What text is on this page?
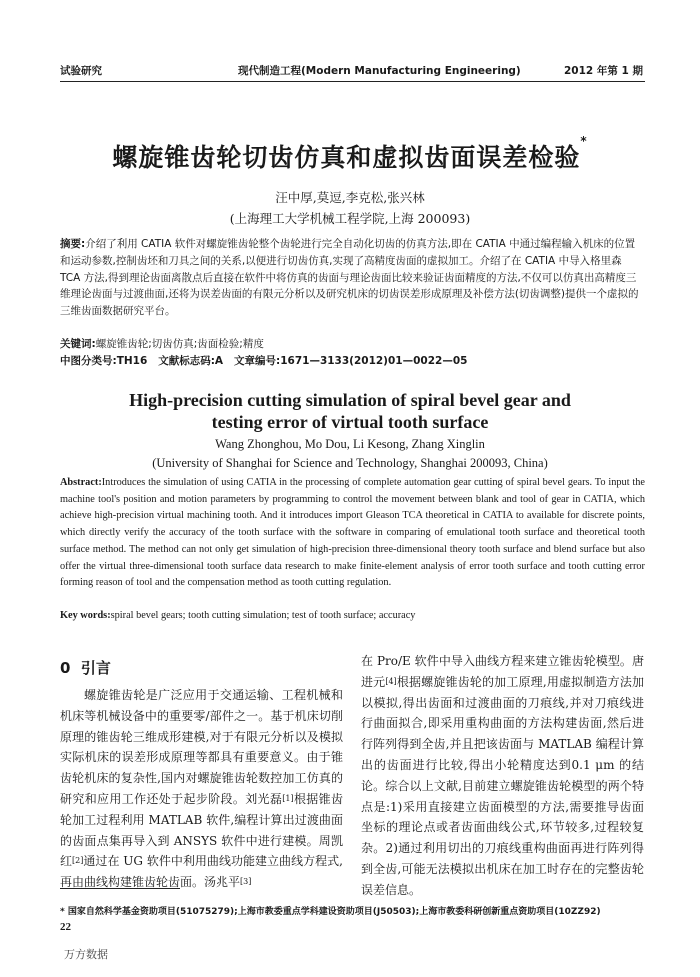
试验研究	现代制造工程(Modern Manufacturing Engineering)	2012 年第 1 期
螺旋锥齿轮切齿仿真和虚拟齿面误差检验*
汪中厚,莫逗,李克松,张兴林
(上海理工大学机械工程学院,上海 200093)
摘要:介绍了利用 CATIA 软件对螺旋锥齿轮整个齿轮进行完全自动化切齿的仿真方法,即在 CATIA 中通过编程输入机床的位置和运动参数,控制齿坯和刀具之间的关系,以便进行切齿仿真,实现了高精度齿面的虚拟加工。介绍了在 CATIA 中导入格里森 TCA 方法,得到理论齿面离散点后直接在软件中将仿真的齿面与理论齿面比较来验证齿面精度的方法,不仅可以仿真出高精度三维理论齿面与过渡曲面,还将为误差齿面的有限元分析以及研究机床的切齿误差形成原理及补偿方法(切齿调整)提供一个虚拟的三维齿面数据研究平台。
关键词:螺旋锥齿轮;切齿仿真;齿面检验;精度
中图分类号:TH16   文献标志码:A   文章编号:1671—3133(2012)01—0022—05
High-precision cutting simulation of spiral bevel gear and
testing error of virtual tooth surface
Wang Zhonghou, Mo Dou, Li Kesong, Zhang Xinglin
(University of Shanghai for Science and Technology, Shanghai 200093, China)
Abstract:Introduces the simulation of using CATIA in the processing of complete automation gear cutting of spiral bevel gears. To input the machine tool's position and motion parameters by programming to control the movement between blank and tool of gear in CATIA, which achieve high-precision virtual machining tooth. And it introduces import Gleason TCA theoretical in CATIA to available for discrete points, which directly verify the accuracy of the tooth surface with the software in comparing of emulational tooth surface and theoretical tooth surface method. The method can not only get simulation of high-precision three-dimensional theory tooth surface and blend surface but also offer the virtual three-dimensional tooth surface data research to make finite-element analysis of error tooth surface and tooth cutting error forming reason of tool and the compensation method as tooth cutting regulation.
Key words:spiral bevel gears; tooth cutting simulation; test of tooth surface; accuracy
0  引言
螺旋锥齿轮是广泛应用于交通运输、工程机械和机床等机械设备中的重要零/部件之一。基于机床切削原理的锥齿轮三维成形建模,对于有限元分析以及模拟实际机床的误差形成原理等都具有重要意义。由于锥齿轮机床的复杂性,国内对螺旋锥齿轮数控加工仿真的研究和应用工作还处于起步阶段。刘光磊[1]根据锥齿轮加工过程利用 MATLAB 软件,编程计算出过渡曲面的齿面点集再导入到 ANSYS 软件中进行建模。周凯红[2]通过在 UG 软件中利用曲线功能建立曲线方程式,再由曲线构建锥齿轮齿面。汤兆平[3]
在 Pro/E 软件中导入曲线方程来建立锥齿轮模型。唐进元[4]根据螺旋锥齿轮的加工原理,用虚拟制造方法加以模拟,得出齿面和过渡曲面的刀痕线,并对刀痕线进行曲面拟合,即采用重构曲面的方法构建齿面,然后进行阵列得到全齿,并且把该齿面与 MATLAB 编程计算出的齿面进行比较,得出小轮精度达到0.1 μm 的结论。综合以上文献,目前建立螺旋锥齿轮模型的两个特点是:1)采用直接建立齿面模型的方法,需要推导齿面坐标的理论点或者齿面曲线公式,环节较多,过程较复杂。2)通过利用切出的刀痕线重构曲面再进行阵列得到全齿,可能无法模拟出机床在加工时存在的完整齿轮误差信息。
* 国家自然科学基金资助项目(51075279);上海市教委重点学科建设资助项目(J50503);上海市教委科研创新重点资助项目(10ZZ92)
22
万方数据
